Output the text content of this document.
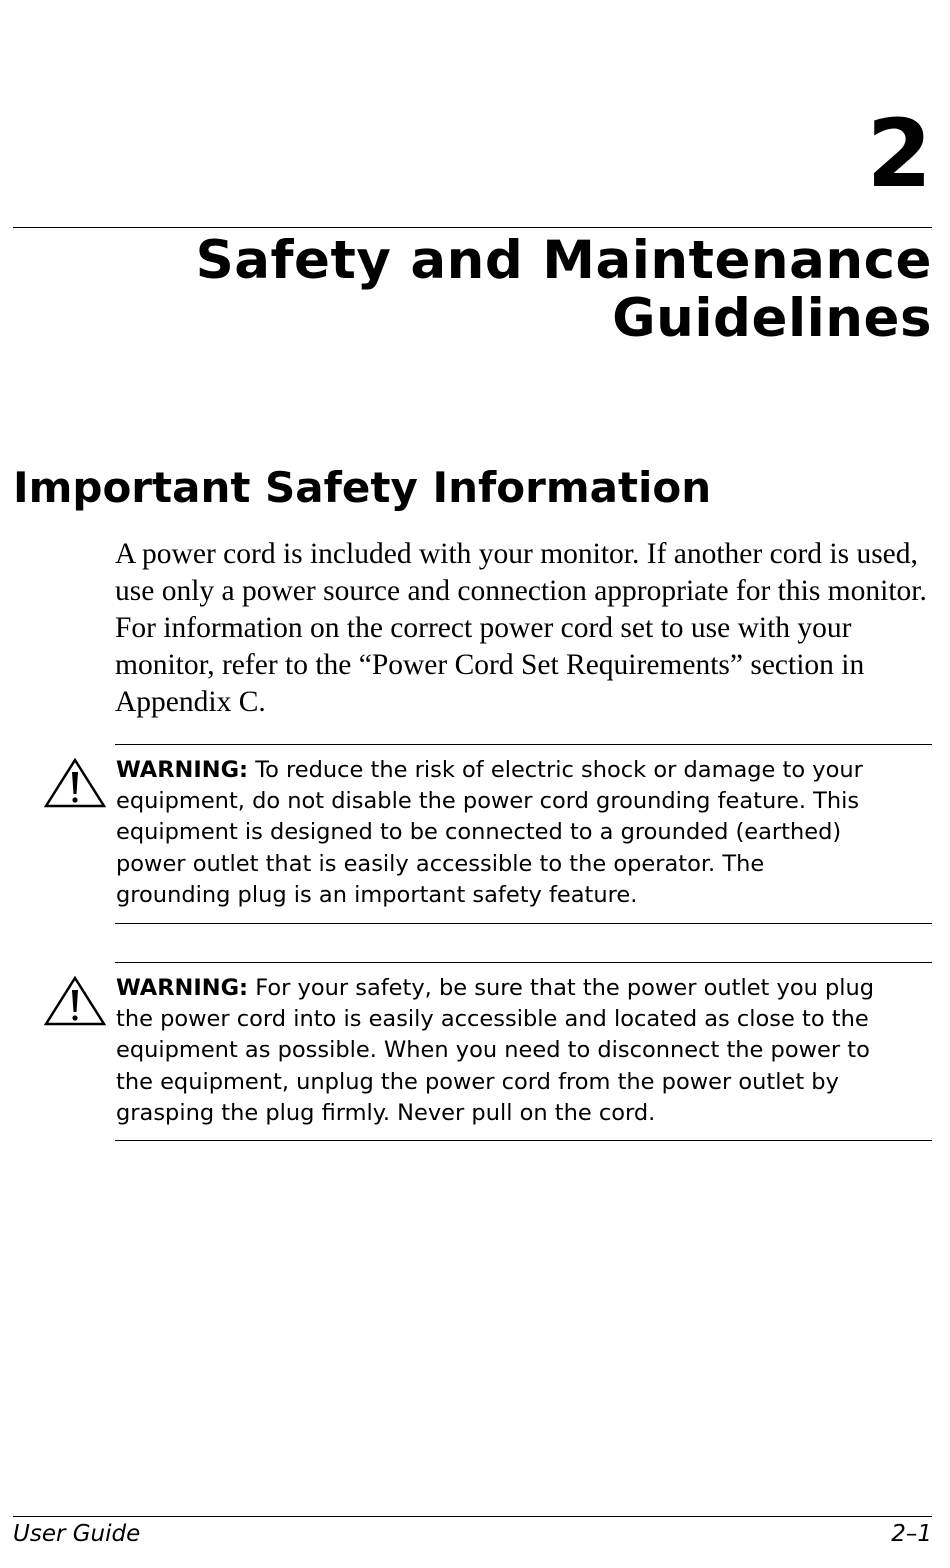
2
Safety and Maintenance
Guidelines
Important Safety Information

A power cord is included with your monitor. If another cord is used, use only a power source and connection appropriate for this monitor. For information on the correct power cord set to use with your monitor, refer to the “Power Cord Set Requirements” section in Appendix C.

WARNING: To reduce the risk of electric shock or damage to your equipment, do not disable the power cord grounding feature. This equipment is designed to be connected to a grounded (earthed) power outlet that is easily accessible to the operator. The grounding plug is an important safety feature.

WARNING: For your safety, be sure that the power outlet you plug the power cord into is easily accessible and located as close to the equipment as possible. When you need to disconnect the power to the equipment, unplug the power cord from the power outlet by grasping the plug firmly. Never pull on the cord.

User Guide	2–1
